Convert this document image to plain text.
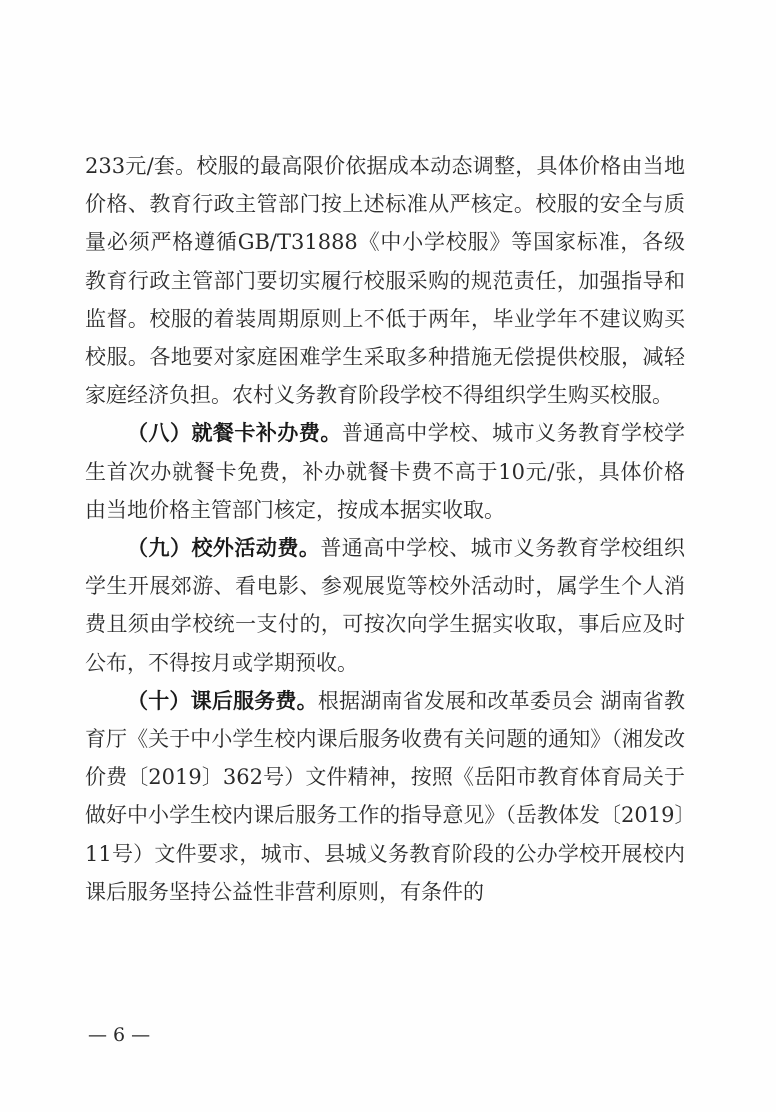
233元/套。校服的最高限价依据成本动态调整，具体价格由当地价格、教育行政主管部门按上述标准从严核定。校服的安全与质量必须严格遵循GB/T31888《中小学校服》等国家标准，各级教育行政主管部门要切实履行校服采购的规范责任，加强指导和监督。校服的着装周期原则上不低于两年，毕业学年不建议购买校服。各地要对家庭困难学生采取多种措施无偿提供校服，减轻家庭经济负担。农村义务教育阶段学校不得组织学生购买校服。

（八）就餐卡补办费。普通高中学校、城市义务教育学校学生首次办就餐卡免费，补办就餐卡费不高于10元/张，具体价格由当地价格主管部门核定，按成本据实收取。

（九）校外活动费。普通高中学校、城市义务教育学校组织学生开展郊游、看电影、参观展览等校外活动时，属学生个人消费且须由学校统一支付的，可按次向学生据实收取，事后应及时公布，不得按月或学期预收。

（十）课后服务费。根据湖南省发展和改革委员会 湖南省教育厅《关于中小学生校内课后服务收费有关问题的通知》（湘发改价费〔2019〕362号）文件精神，按照《岳阳市教育体育局关于做好中小学生校内课后服务工作的指导意见》（岳教体发〔2019〕11号）文件要求，城市、县城义务教育阶段的公办学校开展校内课后服务坚持公益性非营利原则，有条件的

— 6 —
